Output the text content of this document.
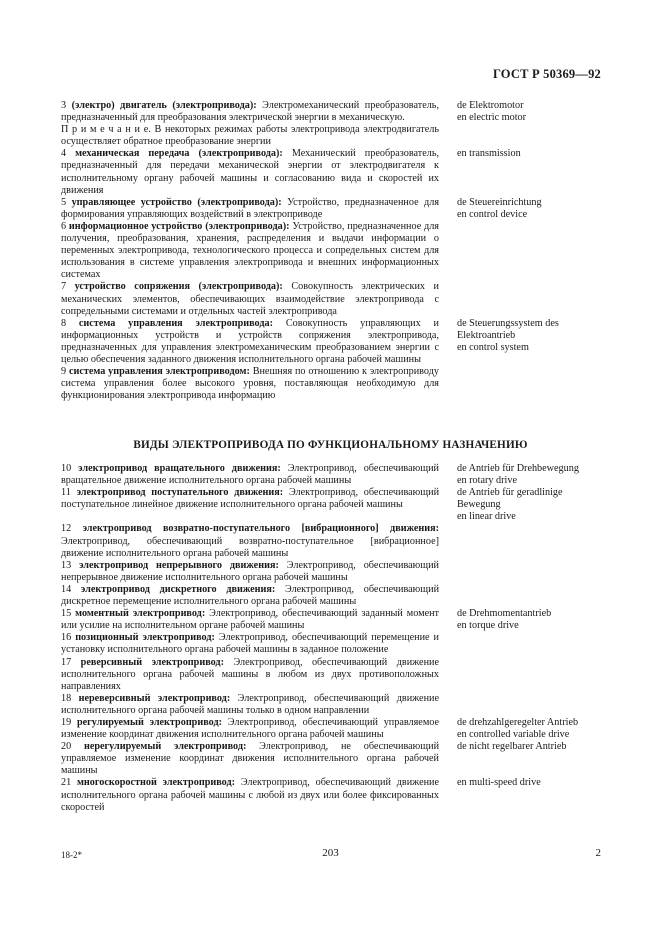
ГОСТ Р 50369—92
3 (электро) двигатель (электропривода): Электромеханический преобразователь, предназначенный для преобразования электрической энергии в механическую.
de Elektromotor
en electric motor
П р и м е ч а н и е. В некоторых режимах работы электропривода электродвигатель осуществляет обратное преобразование энергии
4 механическая передача (электропривода): Механический преобразователь, предназначенный для передачи механической энергии от электродвигателя к исполнительному органу рабочей машины и согласованию вида и скоростей их движения
en transmission
5 управляющее устройство (электропривода): Устройство, предназначенное для формирования управляющих воздействий в электроприводе
de Steuereinrichtung
en control device
6 информационное устройство (электропривода): Устройство, предназначенное для получения, преобразования, хранения, распределения и выдачи информации о переменных электропривода, технологического процесса и сопредельных систем для использования в системе управления электропривода и внешних информационных системах
7 устройство сопряжения (электропривода): Совокупность электрических и механических элементов, обеспечивающих взаимодействие электропривода с сопредельными системами и отдельных частей электропривода
8 система управления электропривода: Совокупность управляющих и информационных устройств и устройств сопряжения электропривода, предназначенных для управления электромеханическим преобразованием энергии с целью обеспечения заданного движения исполнительного органа рабочей машины
de Steuerungssystem des
Elektroantrieb
en control system
9 система управления электроприводом: Внешняя по отношению к электроприводу система управления более высокого уровня, поставляющая необходимую для функционирования электропривода информацию
ВИДЫ ЭЛЕКТРОПРИВОДА ПО ФУНКЦИОНАЛЬНОМУ НАЗНАЧЕНИЮ
10 электропривод вращательного движения: Электропривод, обеспечивающий вращательное движение исполнительного органа рабочей машины
de Antrieb für Drehbewegung
en rotary drive
11 электропривод поступательного движения: Электропривод, обеспечивающий поступательное линейное движение исполнительного органа рабочей машины
de Antrieb für geradlinige
Bewegung
en linear drive
12 электропривод возвратно-поступательного [вибрационного] движения: Электропривод, обеспечивающий возвратно-поступательное [вибрационное] движение исполнительного органа рабочей машины
13 электропривод непрерывного движения: Электропривод, обеспечивающий непрерывное движение исполнительного органа рабочей машины
14 электропривод дискретного движения: Электропривод, обеспечивающий дискретное перемещение исполнительного органа рабочей машины
15 моментный электропривод: Электропривод, обеспечивающий заданный момент или усилие на исполнительном органе рабочей машины
de Drehmomentantrieb
en torque drive
16 позиционный электропривод: Электропривод, обеспечивающий перемещение и установку исполнительного органа рабочей машины в заданное положение
17 реверсивный электропривод: Электропривод, обеспечивающий движение исполнительного органа рабочей машины в любом из двух противоположных направлениях
18 нереверсивный электропривод: Электропривод, обеспечивающий движение исполнительного органа рабочей машины только в одном направлении
19 регулируемый электропривод: Электропривод, обеспечивающий управляемое изменение координат движения исполнительного органа рабочей машины
de drehzahlgeregelter Antrieb
en controlled variable drive
20 нерегулируемый электропривод: Электропривод, не обеспечивающий управляемое изменение координат движения исполнительного органа рабочей машины
de nicht regelbarer Antrieb
21 многоскоростной электропривод: Электропривод, обеспечивающий движение исполнительного органа рабочей машины с любой из двух или более фиксированных скоростей
en multi-speed drive
18-2*	203	2
